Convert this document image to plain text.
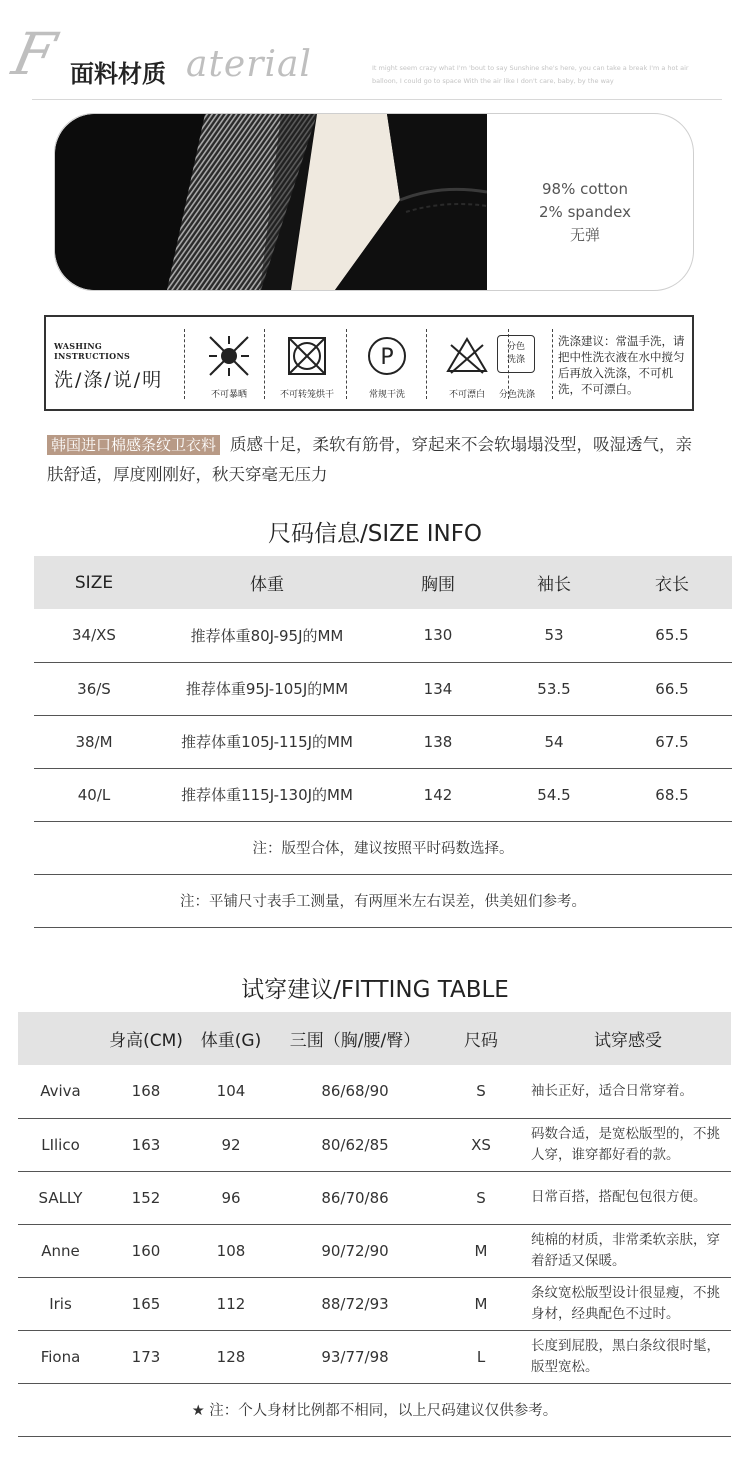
F 面料材质 aterial	It might seem crazy what I'm 'bout to say Sunshine she's here, you can take a break I'm a hot air balloon, I could go to space With the air like I don't care, baby, by the way
98% cotton
2% spandex
无弹
WASHING INSTRUCTIONS
洗/涤/说/明
不可暴晒	不可转笼烘干
P
常规干洗	不可漂白
分色
洗涤
分色洗涤
洗涤建议：常温手洗，请把中性洗衣液在水中搅匀后再放入洗涤，不可机洗，不可漂白。
韩国进口棉感条纹卫衣料 质感十足，柔软有筋骨，穿起来不会软塌塌没型，吸湿透气，亲肤舒适，厚度刚刚好，秋天穿毫无压力
尺码信息/SIZE INFO
SIZE	体重	胸围	袖长	衣长
34/XS	推荐体重80J-95J的MM	130	53	65.5
36/S	推荐体重95J-105J的MM	134	53.5	66.5
38/M	推荐体重105J-115J的MM	138	54	67.5
40/L	推荐体重115J-130J的MM	142	54.5	68.5
注：版型合体，建议按照平时码数选择。				
注：平铺尺寸表手工测量，有两厘米左右误差，供美妞们参考。				
试穿建议/FITTING TABLE
	身高(CM)	体重(G)	三围（胸/腰/臀）	尺码	试穿感受
Aviva	168	104	86/68/90	S	袖长正好，适合日常穿着。
LIlico	163	92	80/62/85	XS	码数合适，是宽松版型的，不挑人穿，谁穿都好看的款。
SALLY	152	96	86/70/86	S	日常百搭，搭配包包很方便。
Anne	160	108	90/72/90	M	纯棉的材质，非常柔软亲肤，穿着舒适又保暖。
Iris	165	112	88/72/93	M	条纹宽松版型设计很显瘦，不挑身材，经典配色不过时。
Fiona	173	128	93/77/98	L	长度到屁股，黑白条纹很时髦，版型宽松。
★ 注：个人身材比例都不相同，以上尺码建议仅供参考。					
